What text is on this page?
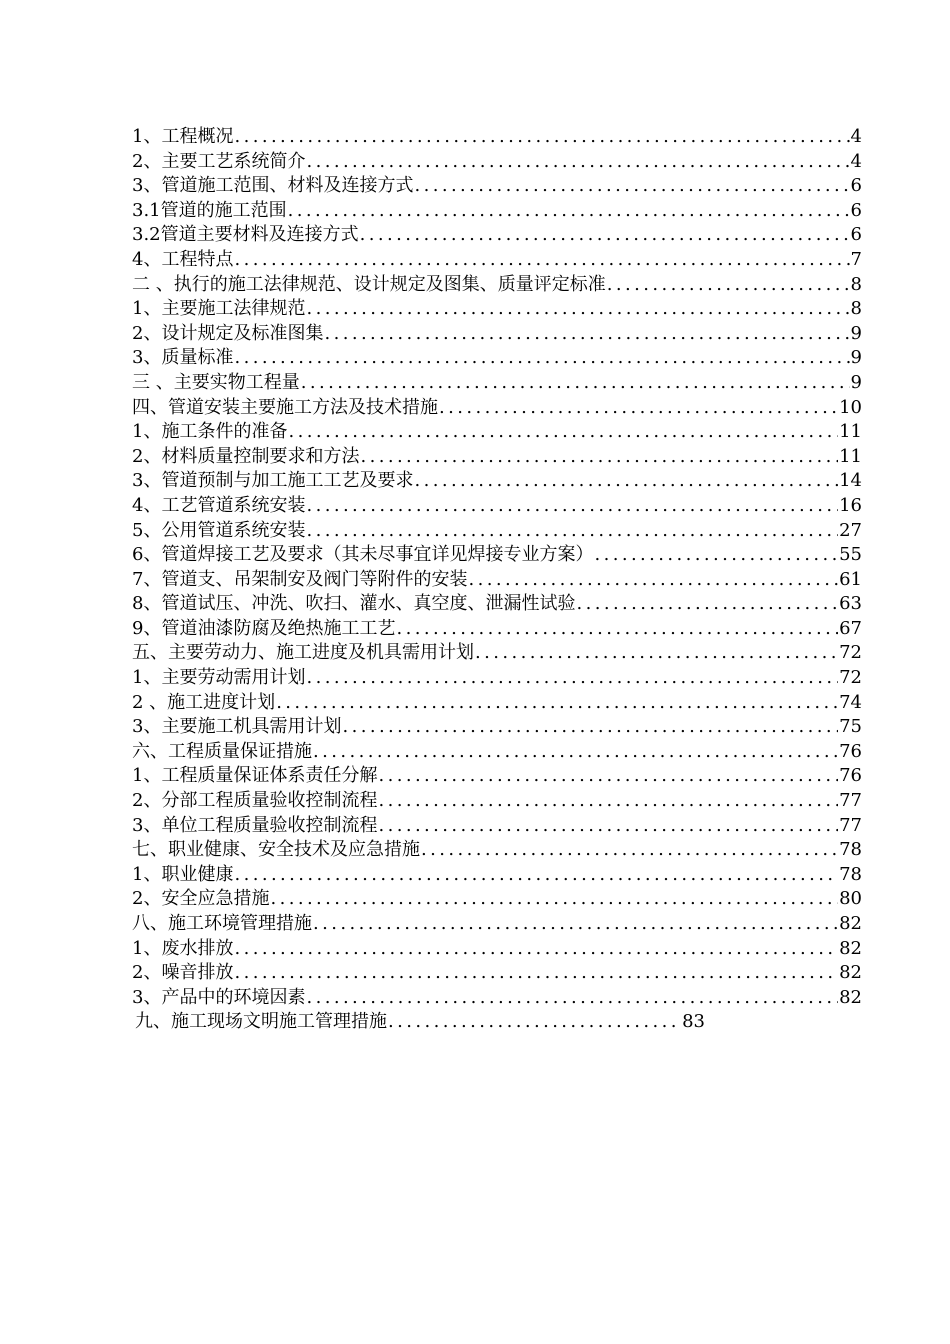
1、工程概况 .....	4
2、主要工艺系统简介 .....	4
3、管道施工范围、材料及连接方式 .....	6
3.1管道的施工范围 .....	6
3.2管道主要材料及连接方式 .....	6
4、工程特点 .....	7
二 、执行的施工法律规范、设计规定及图集、质量评定标准 .....	8
1、主要施工法律规范 .....	8
2、设计规定及标准图集 .....	9
3、质量标准 .....	9
三 、主要实物工程量 .....	9
四、管道安装主要施工方法及技术措施 .....	10
1、施工条件的准备 .....	11
2、材料质量控制要求和方法 .....	11
3、管道预制与加工施工工艺及要求 .....	14
4、工艺管道系统安装 .....	16
5、公用管道系统安装 .....	27
6、管道焊接工艺及要求（其未尽事宜详见焊接专业方案） .....	55
7、管道支、吊架制安及阀门等附件的安装 .....	61
8、管道试压、冲洗、吹扫、灌水、真空度、泄漏性试验 .....	63
9、管道油漆防腐及绝热施工工艺 .....	67
五、主要劳动力、施工进度及机具需用计划 .....	72
1、主要劳动需用计划 .....	72
2 、施工进度计划 .....	74
3、主要施工机具需用计划 .....	75
六、工程质量保证措施 .....	76
1、工程质量保证体系责任分解 .....	76
2、分部工程质量验收控制流程 .....	77
3、单位工程质量验收控制流程 .....	77
七、职业健康、安全技术及应急措施 .....	78
1、职业健康 .....	78
2、安全应急措施 .....	80
八、施工环境管理措施 .....	82
1、废水排放 .....	82
2、噪音排放 .....	82
3、产品中的环境因素 .....	82
九、施工现场文明施工管理措施 .....	83
